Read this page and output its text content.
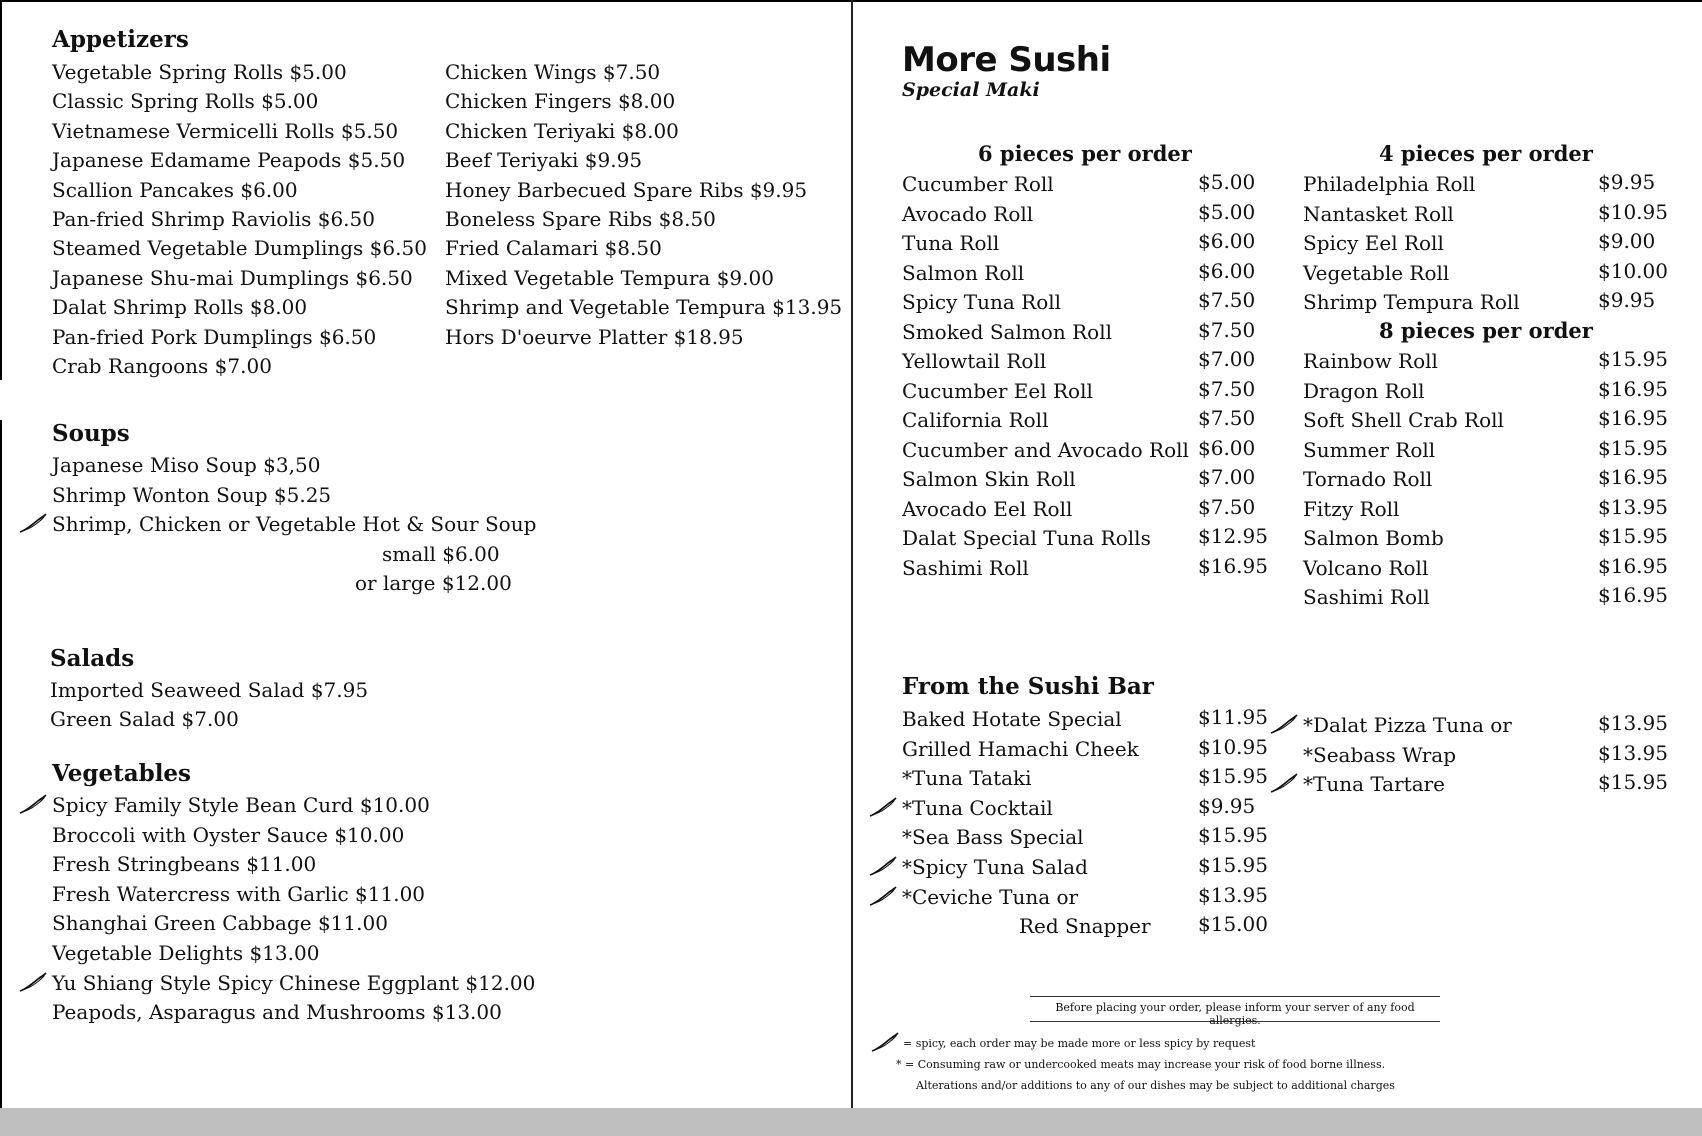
Appetizers
Vegetable Spring Rolls $5.00
Classic Spring Rolls $5.00
Vietnamese Vermicelli Rolls $5.50
Japanese Edamame Peapods $5.50
Scallion Pancakes $6.00
Pan-fried Shrimp Raviolis $6.50
Steamed Vegetable Dumplings $6.50
Japanese Shu-mai Dumplings $6.50
Dalat Shrimp Rolls $8.00
Pan-fried Pork Dumplings $6.50
Crab Rangoons $7.00
Chicken Wings $7.50
Chicken Fingers $8.00
Chicken Teriyaki $8.00
Beef Teriyaki $9.95
Honey Barbecued Spare Ribs $9.95
Boneless Spare Ribs $8.50
Fried Calamari $8.50
Mixed Vegetable Tempura $9.00
Shrimp and Vegetable Tempura $13.95
Hors D'oeurve Platter $18.95
Soups
Japanese Miso Soup $3,50
Shrimp Wonton Soup $5.25
Shrimp, Chicken or Vegetable Hot & Sour Soup
small $6.00
or large $12.00
Salads
Imported Seaweed Salad $7.95
Green Salad $7.00
Vegetables
Spicy Family Style Bean Curd $10.00
Broccoli with Oyster Sauce $10.00
Fresh Stringbeans $11.00
Fresh Watercress with Garlic $11.00
Shanghai Green Cabbage $11.00
Vegetable Delights $13.00
Yu Shiang Style Spicy Chinese Eggplant $12.00
Peapods, Asparagus and Mushrooms $13.00
More Sushi
Special Maki
6 pieces per order
Cucumber Roll	$5.00
Avocado Roll	$5.00
Tuna Roll	$6.00
Salmon Roll	$6.00
Spicy Tuna Roll	$7.50
Smoked Salmon Roll	$7.50
Yellowtail Roll	$7.00
Cucumber Eel Roll	$7.50
California Roll	$7.50
Cucumber and Avocado Roll $6.00
Salmon Skin Roll	$7.00
Avocado Eel Roll	$7.50
Dalat Special Tuna Rolls $12.95
Sashimi Roll	$16.95
4 pieces per order
Philadelphia Roll	$9.95
Nantasket Roll	$10.95
Spicy Eel Roll	$9.00
Vegetable Roll	$10.00
Shrimp Tempura Roll	$9.95
8 pieces per order
Rainbow Roll	$15.95
Dragon Roll	$16.95
Soft Shell Crab Roll	$16.95
Summer Roll	$15.95
Tornado Roll	$16.95
Fitzy Roll	$13.95
Salmon Bomb	$15.95
Volcano Roll	$16.95
Sashimi Roll	$16.95
From the Sushi Bar
Baked Hotate Special	$11.95
Grilled Hamachi Cheek	$10.95
*Tuna Tataki	$15.95
*Tuna Cocktail	$9.95
*Sea Bass Special	$15.95
*Spicy Tuna Salad	$15.95
*Ceviche Tuna or	$13.95
Red Snapper $15.00
*Dalat Pizza Tuna or	$13.95
*Seabass Wrap	$13.95
*Tuna Tartare	$15.95
Before placing your order, please inform your server of any food allergies.
= spicy, each order may be made more or less spicy by request
* = Consuming raw or undercooked meats may increase your risk of food borne illness.
Alterations and/or additions to any of our dishes may be subject to additional charges
